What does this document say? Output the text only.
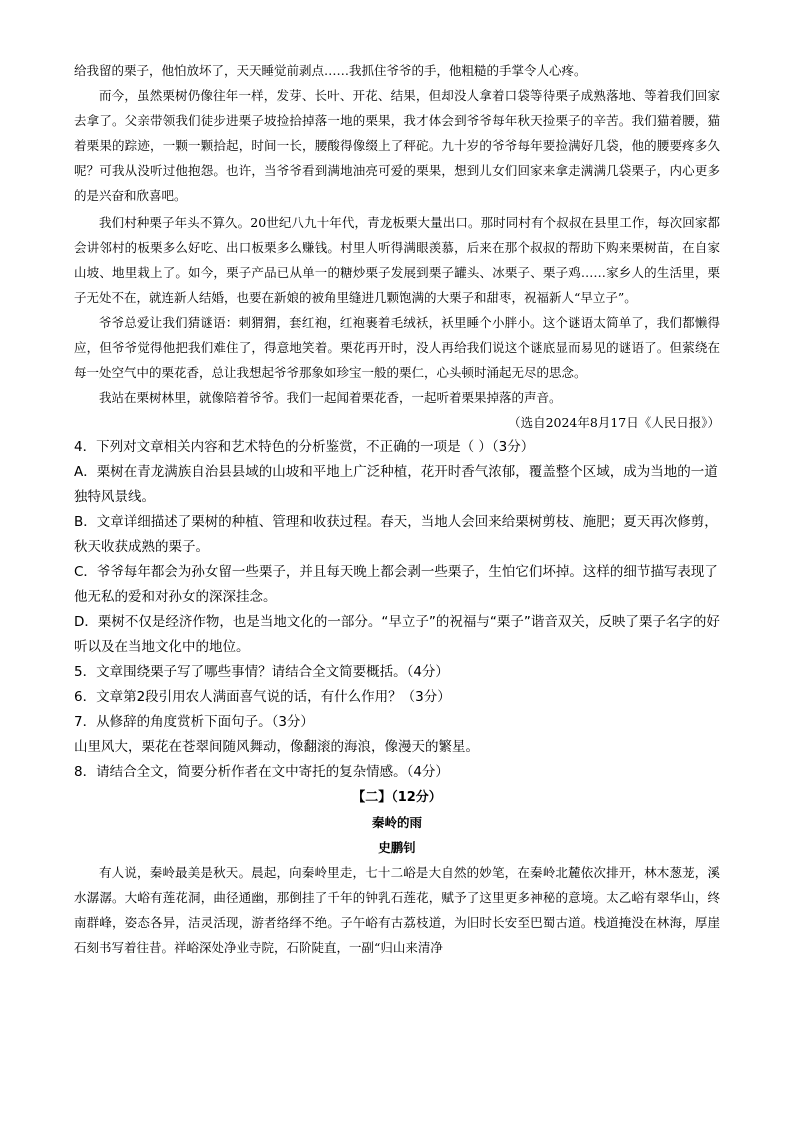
给我留的栗子，他怕放坏了，天天睡觉前剥点……我抓住爷爷的手，他粗糙的手掌令人心疼。

而今，虽然栗树仍像往年一样，发芽、长叶、开花、结果，但却没人拿着口袋等待栗子成熟落地、等着我们回家去拿了。父亲带领我们徒步进栗子坡捡拾掉落一地的栗果，我才体会到爷爷每年秋天捡栗子的辛苦。我们猫着腰，猫着栗果的踪迹，一颗一颗拾起，时间一长，腰酸得像缀上了秤砣。九十岁的爷爷每年要捡满好几袋，他的腰要疼多久呢？可我从没听过他抱怨。也许，当爷爷看到满地油亮可爱的栗果，想到儿女们回家来拿走满满几袋栗子，内心更多的是兴奋和欣喜吧。

我们村种栗子年头不算久。20世纪八九十年代，青龙板栗大量出口。那时同村有个叔叔在县里工作，每次回家都会讲邻村的板栗多么好吃、出口板栗多么赚钱。村里人听得满眼羡慕，后来在那个叔叔的帮助下购来栗树苗，在自家山坡、地里栽上了。如今，栗子产品已从单一的糖炒栗子发展到栗子罐头、冰栗子、栗子鸡……家乡人的生活里，栗子无处不在，就连新人结婚，也要在新娘的被角里缝进几颗饱满的大栗子和甜枣，祝福新人“早立子”。

爷爷总爱让我们猜谜语：刺猬猬，套红袍，红袍裹着毛绒袄，袄里睡个小胖小。这个谜语太简单了，我们都懒得应，但爷爷觉得他把我们难住了，得意地笑着。栗花再开时，没人再给我们说这个谜底显而易见的谜语了。但萦绕在每一处空气中的栗花香，总让我想起爷爷那象如珍宝一般的栗仁，心头顿时涌起无尽的思念。

我站在栗树林里，就像陪着爷爷。我们一起闻着栗花香，一起听着栗果掉落的声音。

（选自2024年8月17日《人民日报》）

4．下列对文章相关内容和艺术特色的分析鉴赏，不正确的一项是（ ）（3分）

A．栗树在青龙满族自治县县域的山坡和平地上广泛种植，花开时香气浓郁，覆盖整个区域，成为当地的一道独特风景线。

B．文章详细描述了栗树的种植、管理和收获过程。春天，当地人会回来给栗树剪枝、施肥；夏天再次修剪，秋天收获成熟的栗子。

C．爷爷每年都会为孙女留一些栗子，并且每天晚上都会剥一些栗子，生怕它们坏掉。这样的细节描写表现了他无私的爱和对孙女的深深挂念。

D．栗树不仅是经济作物，也是当地文化的一部分。“早立子”的祝福与“栗子”谐音双关，反映了栗子名字的好听以及在当地文化中的地位。

5．文章围绕栗子写了哪些事情？请结合全文简要概括。（4分）

6．文章第2段引用农人满面喜气说的话，有什么作用？（3分）

7．从修辞的角度赏析下面句子。（3分）

山里风大，栗花在苍翠间随风舞动，像翻滚的海浪，像漫天的繁星。

8．请结合全文，简要分析作者在文中寄托的复杂情感。（4分）

【二】（12分）

秦岭的雨

史鹏钊

有人说，秦岭最美是秋天。晨起，向秦岭里走，七十二峪是大自然的妙笔，在秦岭北麓依次排开，林木葱茏，溪水潺潺。大峪有莲花洞，曲径通幽，那倒挂了千年的钟乳石莲花，赋予了这里更多神秘的意境。太乙峪有翠华山，终南群峰，姿态各异，洁灵活现，游者络绎不绝。子午峪有古荔枝道，为旧时长安至巴蜀古道。栈道掩没在林海，厚崖石刻书写着往昔。祥峪深处净业寺院，石阶陡直，一副“归山来清净
